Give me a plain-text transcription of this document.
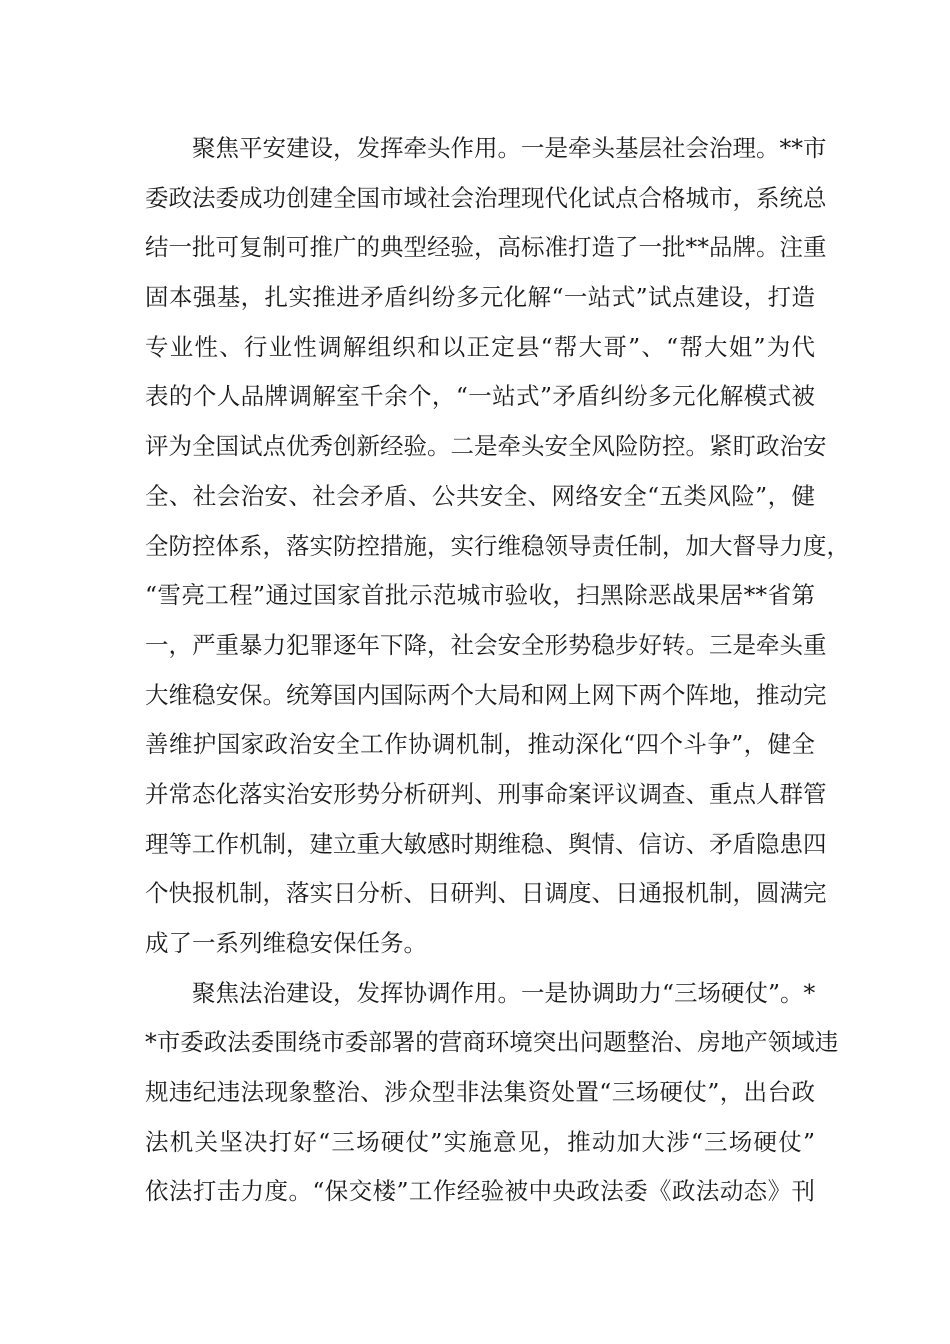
　　聚焦平安建设，发挥牵头作用。一是牵头基层社会治理。**市
委政法委成功创建全国市域社会治理现代化试点合格城市，系统总
结一批可复制可推广的典型经验，高标准打造了一批**品牌。注重
固本强基，扎实推进矛盾纠纷多元化解“一站式”试点建设，打造
专业性、行业性调解组织和以正定县“帮大哥”、“帮大姐”为代
表的个人品牌调解室千余个，“一站式”矛盾纠纷多元化解模式被
评为全国试点优秀创新经验。二是牵头安全风险防控。紧盯政治安
全、社会治安、社会矛盾、公共安全、网络安全“五类风险”，健
全防控体系，落实防控措施，实行维稳领导责任制，加大督导力度，
“雪亮工程”通过国家首批示范城市验收，扫黑除恶战果居**省第
一，严重暴力犯罪逐年下降，社会安全形势稳步好转。三是牵头重
大维稳安保。统筹国内国际两个大局和网上网下两个阵地，推动完
善维护国家政治安全工作协调机制，推动深化“四个斗争”，健全
并常态化落实治安形势分析研判、刑事命案评议调查、重点人群管
理等工作机制，建立重大敏感时期维稳、舆情、信访、矛盾隐患四
个快报机制，落实日分析、日研判、日调度、日通报机制，圆满完
成了一系列维稳安保任务。
　　聚焦法治建设，发挥协调作用。一是协调助力“三场硬仗”。*
*市委政法委围绕市委部署的营商环境突出问题整治、房地产领域违
规违纪违法现象整治、涉众型非法集资处置“三场硬仗”，出台政
法机关坚决打好“三场硬仗”实施意见，推动加大涉“三场硬仗”
依法打击力度。“保交楼”工作经验被中央政法委《政法动态》刊
